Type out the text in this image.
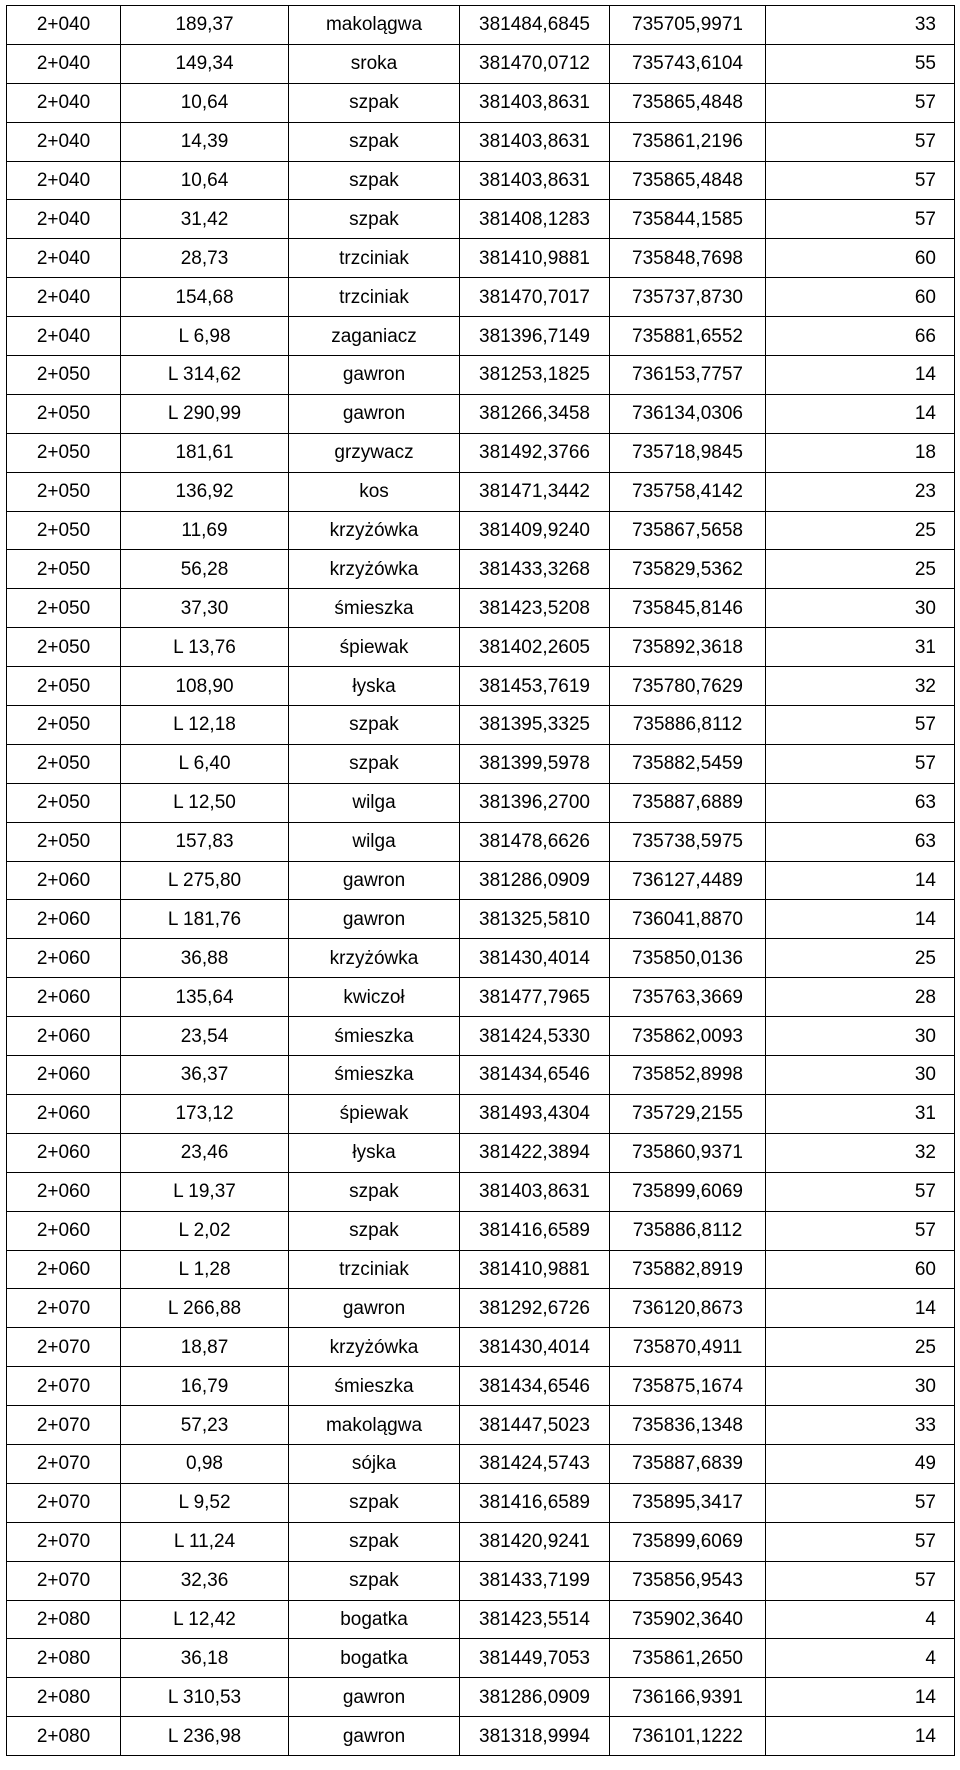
2+040	189,37	makolągwa	381484,6845	735705,9971	33
2+040	149,34	sroka	381470,0712	735743,6104	55
2+040	10,64	szpak	381403,8631	735865,4848	57
2+040	14,39	szpak	381403,8631	735861,2196	57
2+040	10,64	szpak	381403,8631	735865,4848	57
2+040	31,42	szpak	381408,1283	735844,1585	57
2+040	28,73	trzciniak	381410,9881	735848,7698	60
2+040	154,68	trzciniak	381470,7017	735737,8730	60
2+040	L 6,98	zaganiacz	381396,7149	735881,6552	66
2+050	L 314,62	gawron	381253,1825	736153,7757	14
2+050	L 290,99	gawron	381266,3458	736134,0306	14
2+050	181,61	grzywacz	381492,3766	735718,9845	18
2+050	136,92	kos	381471,3442	735758,4142	23
2+050	11,69	krzyżówka	381409,9240	735867,5658	25
2+050	56,28	krzyżówka	381433,3268	735829,5362	25
2+050	37,30	śmieszka	381423,5208	735845,8146	30
2+050	L 13,76	śpiewak	381402,2605	735892,3618	31
2+050	108,90	łyska	381453,7619	735780,7629	32
2+050	L 12,18	szpak	381395,3325	735886,8112	57
2+050	L 6,40	szpak	381399,5978	735882,5459	57
2+050	L 12,50	wilga	381396,2700	735887,6889	63
2+050	157,83	wilga	381478,6626	735738,5975	63
2+060	L 275,80	gawron	381286,0909	736127,4489	14
2+060	L 181,76	gawron	381325,5810	736041,8870	14
2+060	36,88	krzyżówka	381430,4014	735850,0136	25
2+060	135,64	kwiczoł	381477,7965	735763,3669	28
2+060	23,54	śmieszka	381424,5330	735862,0093	30
2+060	36,37	śmieszka	381434,6546	735852,8998	30
2+060	173,12	śpiewak	381493,4304	735729,2155	31
2+060	23,46	łyska	381422,3894	735860,9371	32
2+060	L 19,37	szpak	381403,8631	735899,6069	57
2+060	L 2,02	szpak	381416,6589	735886,8112	57
2+060	L 1,28	trzciniak	381410,9881	735882,8919	60
2+070	L 266,88	gawron	381292,6726	736120,8673	14
2+070	18,87	krzyżówka	381430,4014	735870,4911	25
2+070	16,79	śmieszka	381434,6546	735875,1674	30
2+070	57,23	makolągwa	381447,5023	735836,1348	33
2+070	0,98	sójka	381424,5743	735887,6839	49
2+070	L 9,52	szpak	381416,6589	735895,3417	57
2+070	L 11,24	szpak	381420,9241	735899,6069	57
2+070	32,36	szpak	381433,7199	735856,9543	57
2+080	L 12,42	bogatka	381423,5514	735902,3640	4
2+080	36,18	bogatka	381449,7053	735861,2650	4
2+080	L 310,53	gawron	381286,0909	736166,9391	14
2+080	L 236,98	gawron	381318,9994	736101,1222	14
